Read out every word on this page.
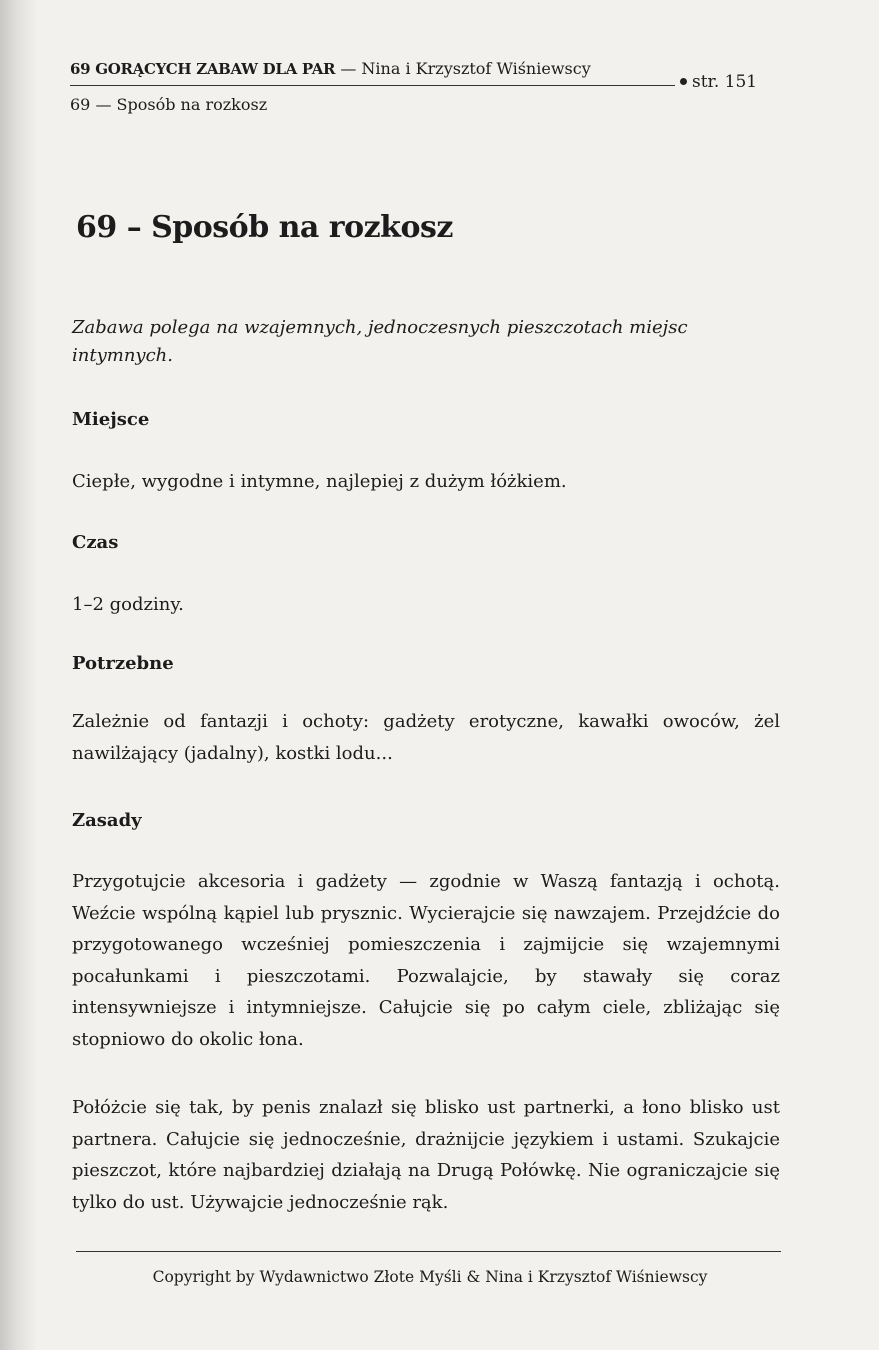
69 GORĄCYCH ZABAW DLA PAR — Nina i Krzysztof Wiśniewscy
str. 151
69 — Sposób na rozkosz
69 – Sposób na rozkosz

Zabawa polega na wzajemnych, jednoczesnych pieszczotach miejsc intymnych.

Miejsce

Ciepłe, wygodne i intymne, najlepiej z dużym łóżkiem.

Czas

1–2 godziny.

Potrzebne

Zależnie od fantazji i ochoty: gadżety erotyczne, kawałki owoców, żel nawilżający (jadalny), kostki lodu...

Zasady

Przygotujcie akcesoria i gadżety — zgodnie w Waszą fantazją i ochotą. Weźcie wspólną kąpiel lub prysznic. Wycierajcie się nawzajem. Przejdźcie do przygotowanego wcześniej pomieszczenia i zajmijcie się wzajemnymi pocałunkami i pieszczotami. Pozwalajcie, by stawały się coraz intensywniejsze i intymniejsze. Całujcie się po całym ciele, zbliżając się stopniowo do okolic łona.

Połóżcie się tak, by penis znalazł się blisko ust partnerki, a łono blisko ust partnera. Całujcie się jednocześnie, drażnijcie językiem i ustami. Szukajcie pieszczot, które najbardziej działają na Drugą Połówkę. Nie ograniczajcie się tylko do ust. Używajcie jednocześnie rąk.

Copyright by Wydawnictwo Złote Myśli & Nina i Krzysztof Wiśniewscy
